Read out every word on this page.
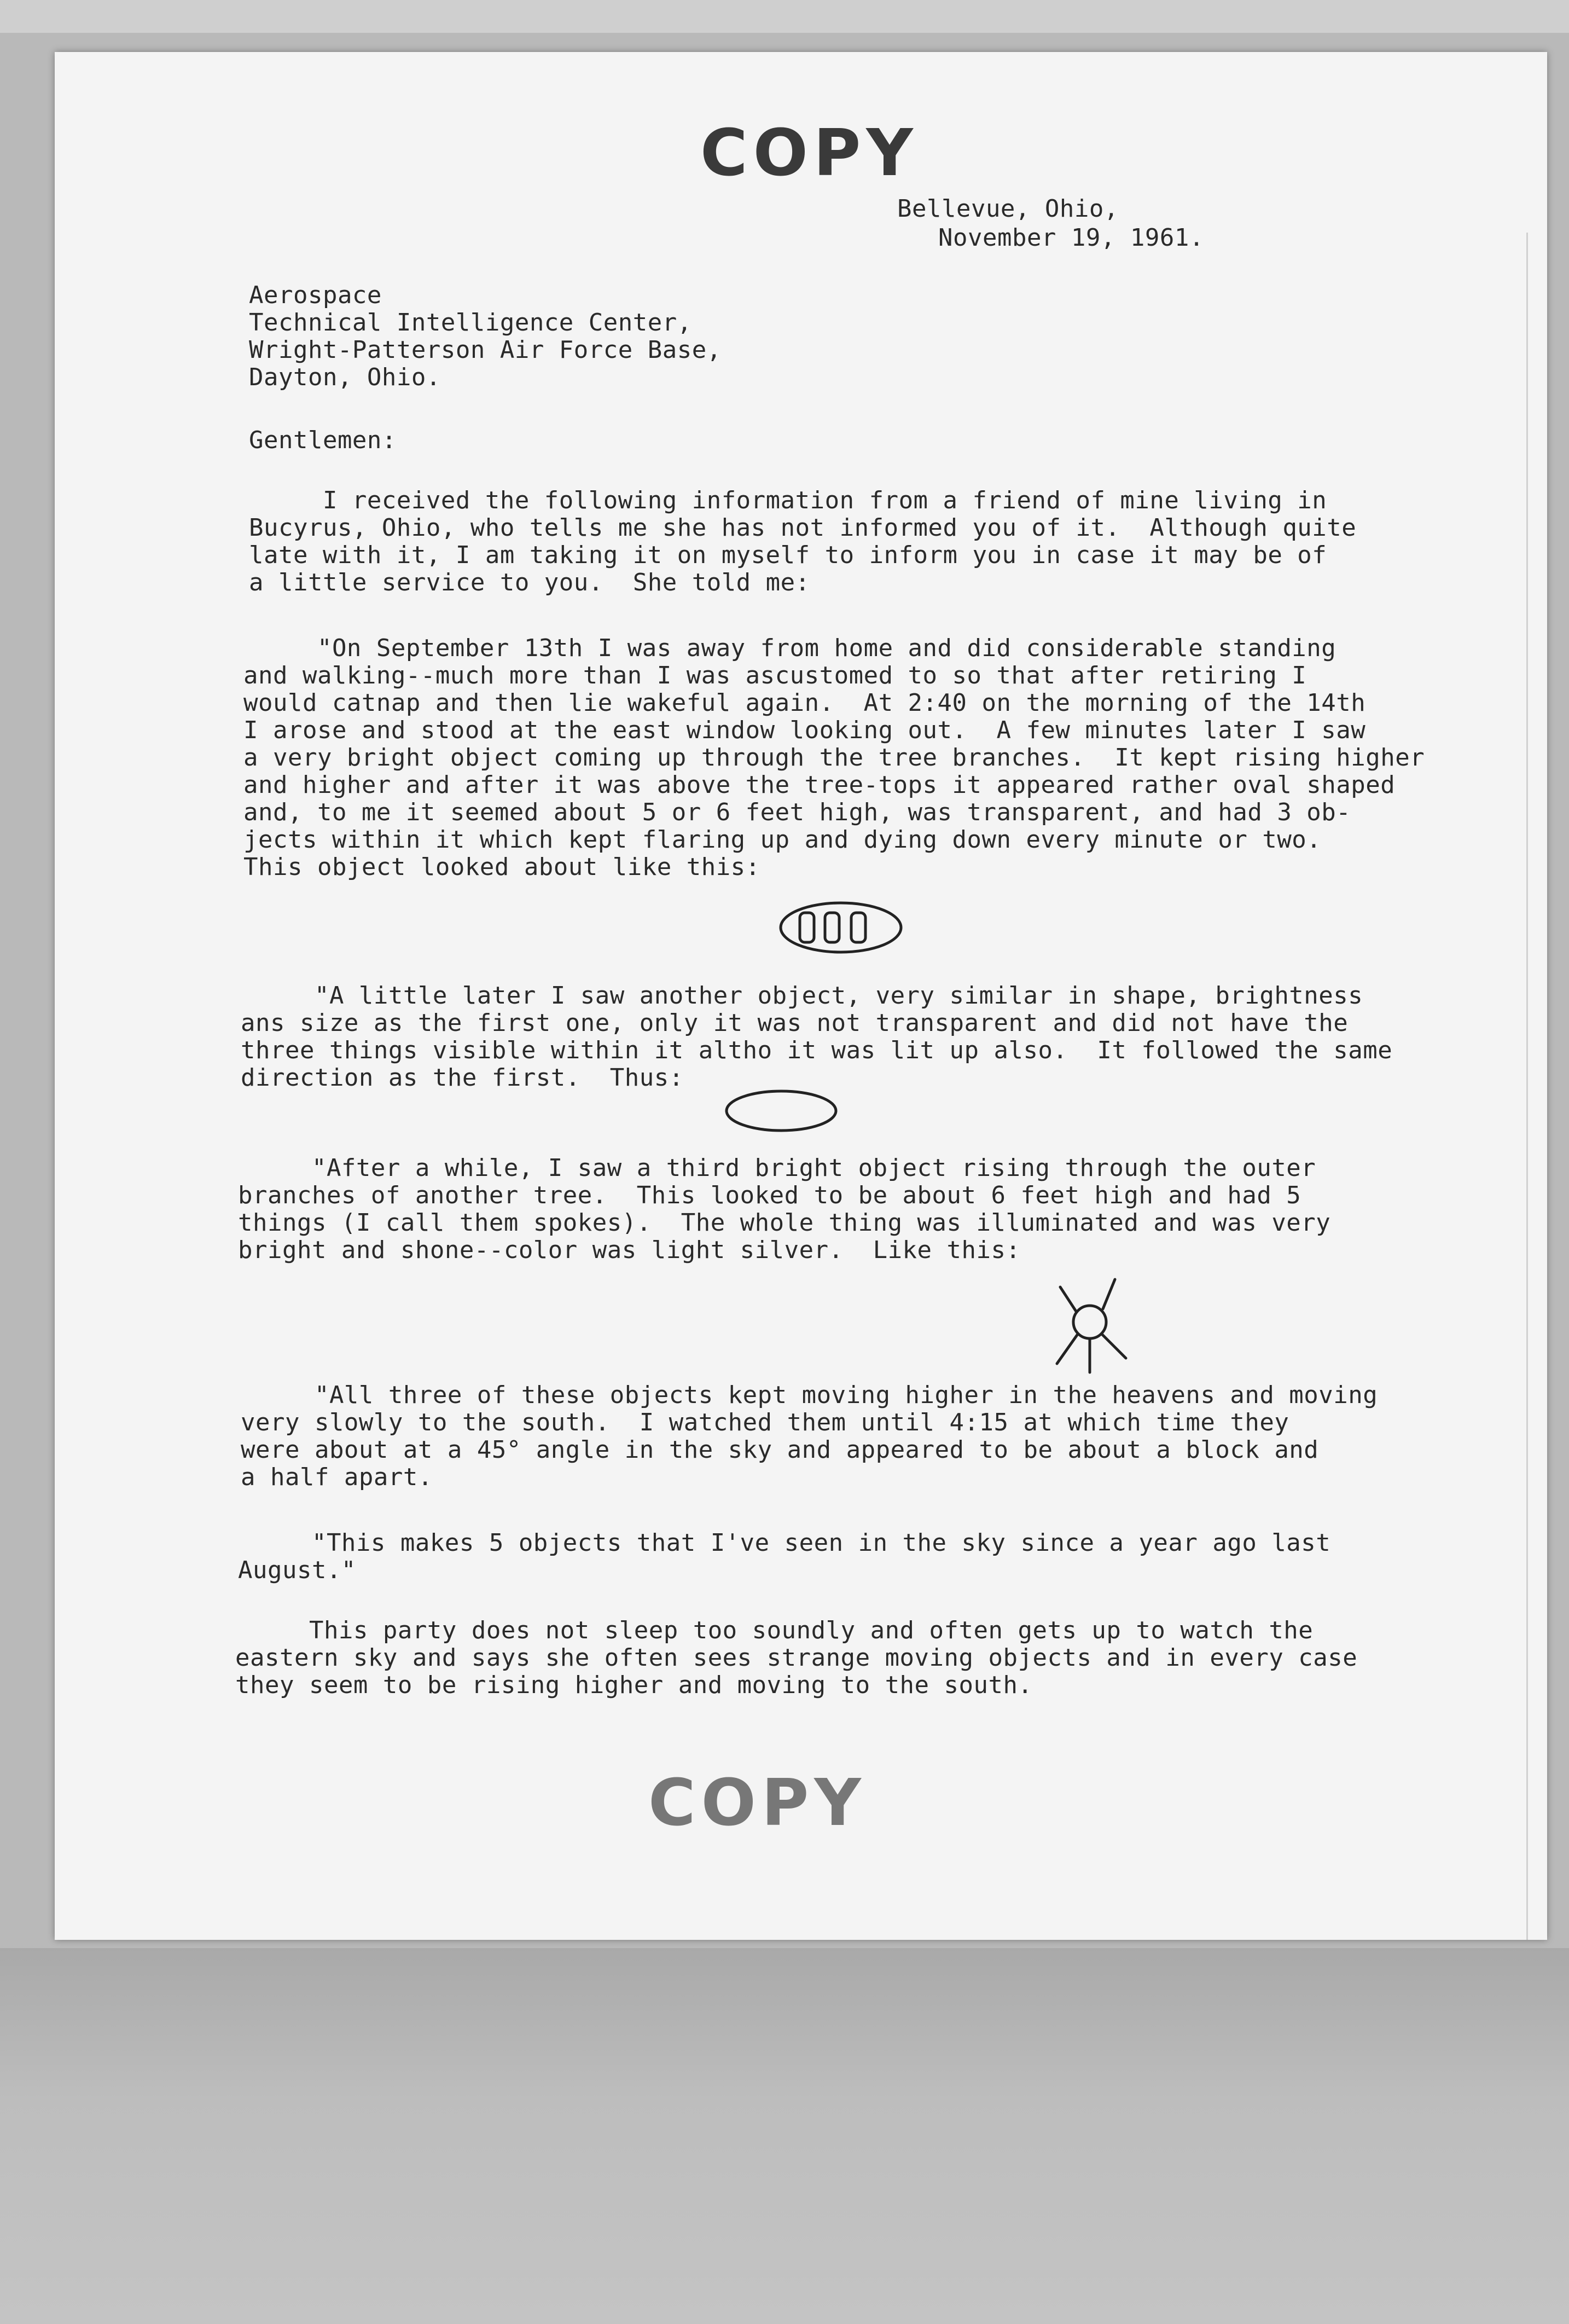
COPY
Bellevue, Ohio,
November 19, 1961.
Aerospace
Technical Intelligence Center,
Wright-Patterson Air Force Base,
Dayton, Ohio.
Gentlemen:
I received the following information from a friend of mine living in
Bucyrus, Ohio, who tells me she has not informed you of it.  Although quite
late with it, I am taking it on myself to inform you in case it may be of
a little service to you.  She told me:
"On September 13th I was away from home and did considerable standing
and walking--much more than I was ascustomed to so that after retiring I
would catnap and then lie wakeful again.  At 2:40 on the morning of the 14th
I arose and stood at the east window looking out.  A few minutes later I saw
a very bright object coming up through the tree branches.  It kept rising higher
and higher and after it was above the tree-tops it appeared rather oval shaped
and, to me it seemed about 5 or 6 feet high, was transparent, and had 3 ob-
jects within it which kept flaring up and dying down every minute or two.
This object looked about like this:
"A little later I saw another object, very similar in shape, brightness
ans size as the first one, only it was not transparent and did not have the
three things visible within it altho it was lit up also.  It followed the same
direction as the first.  Thus:
"After a while, I saw a third bright object rising through the outer
branches of another tree.  This looked to be about 6 feet high and had 5
things (I call them spokes).  The whole thing was illuminated and was very
bright and shone--color was light silver.  Like this:
"All three of these objects kept moving higher in the heavens and moving
very slowly to the south.  I watched them until 4:15 at which time they
were about at a 45° angle in the sky and appeared to be about a block and
a half apart.
"This makes 5 objects that I've seen in the sky since a year ago last
August."
This party does not sleep too soundly and often gets up to watch the
eastern sky and says she often sees strange moving objects and in every case
they seem to be rising higher and moving to the south.
COPY
